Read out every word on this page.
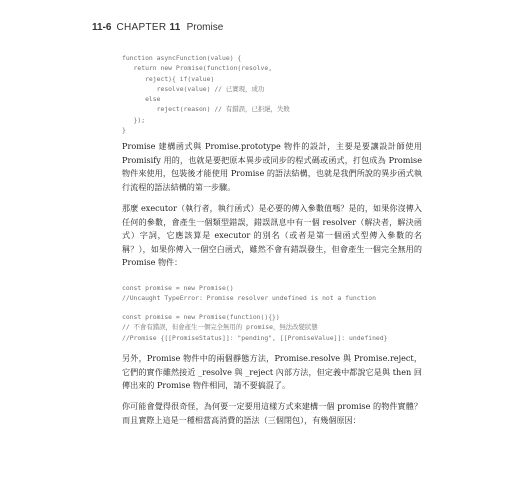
11-6 CHAPTER 11 Promise
function asyncFunction(value) {
return new Promise(function(resolve,
reject){ if(value)
resolve(value) // 已實現，成功
else
reject(reason) // 有錯誤，已拒絕，失敗
});
}

Promise 建構函式與 Promise.prototype 物件的設計，主要是要讓設計師使用 Promisify 用的，也就是要把原本異步或同步的程式碼或函式，打包成為 Promise 物件來使用，包裝後才能使用 Promise 的語法結構，也就是我們所說的異步函式執行流程的語法結構的第一步驟。

那麼 executor（執行者，執行函式）是必要的傳入參數值嗎？是的，如果你沒傳入任何的參數，會產生一個類型錯誤，錯誤訊息中有一個 resolver（解決者，解決函式）字詞，它應該算是 executor 的別名（或者是第一個函式型傳入參數的名稱？），如果你傳入一個空白函式，雖然不會有錯誤發生，但會產生一個完全無用的 Promise 物件：

const promise = new Promise()
//Uncaught TypeError: Promise resolver undefined is not a function
const promise = new Promise(function(){})
// 不會有錯誤，但會產生一個完全無用的 promise，無法改變狀態
//Promise {[[PromiseStatus]]: "pending", [[PromiseValue]]: undefined}

另外，Promise 物件中的兩個靜態方法，Promise.resolve 與 Promise.reject，它們的實作雖然接近 _resolve 與 _reject 內部方法，但定義中都說它是與 then 回傳出來的 Promise 物件相同，請不要搞混了。

你可能會覺得很奇怪，為何要一定要用這樣方式來建構一個 promise 的物件實體？而且實際上這是一種相當高消費的語法（三個閉包），有幾個原因：
